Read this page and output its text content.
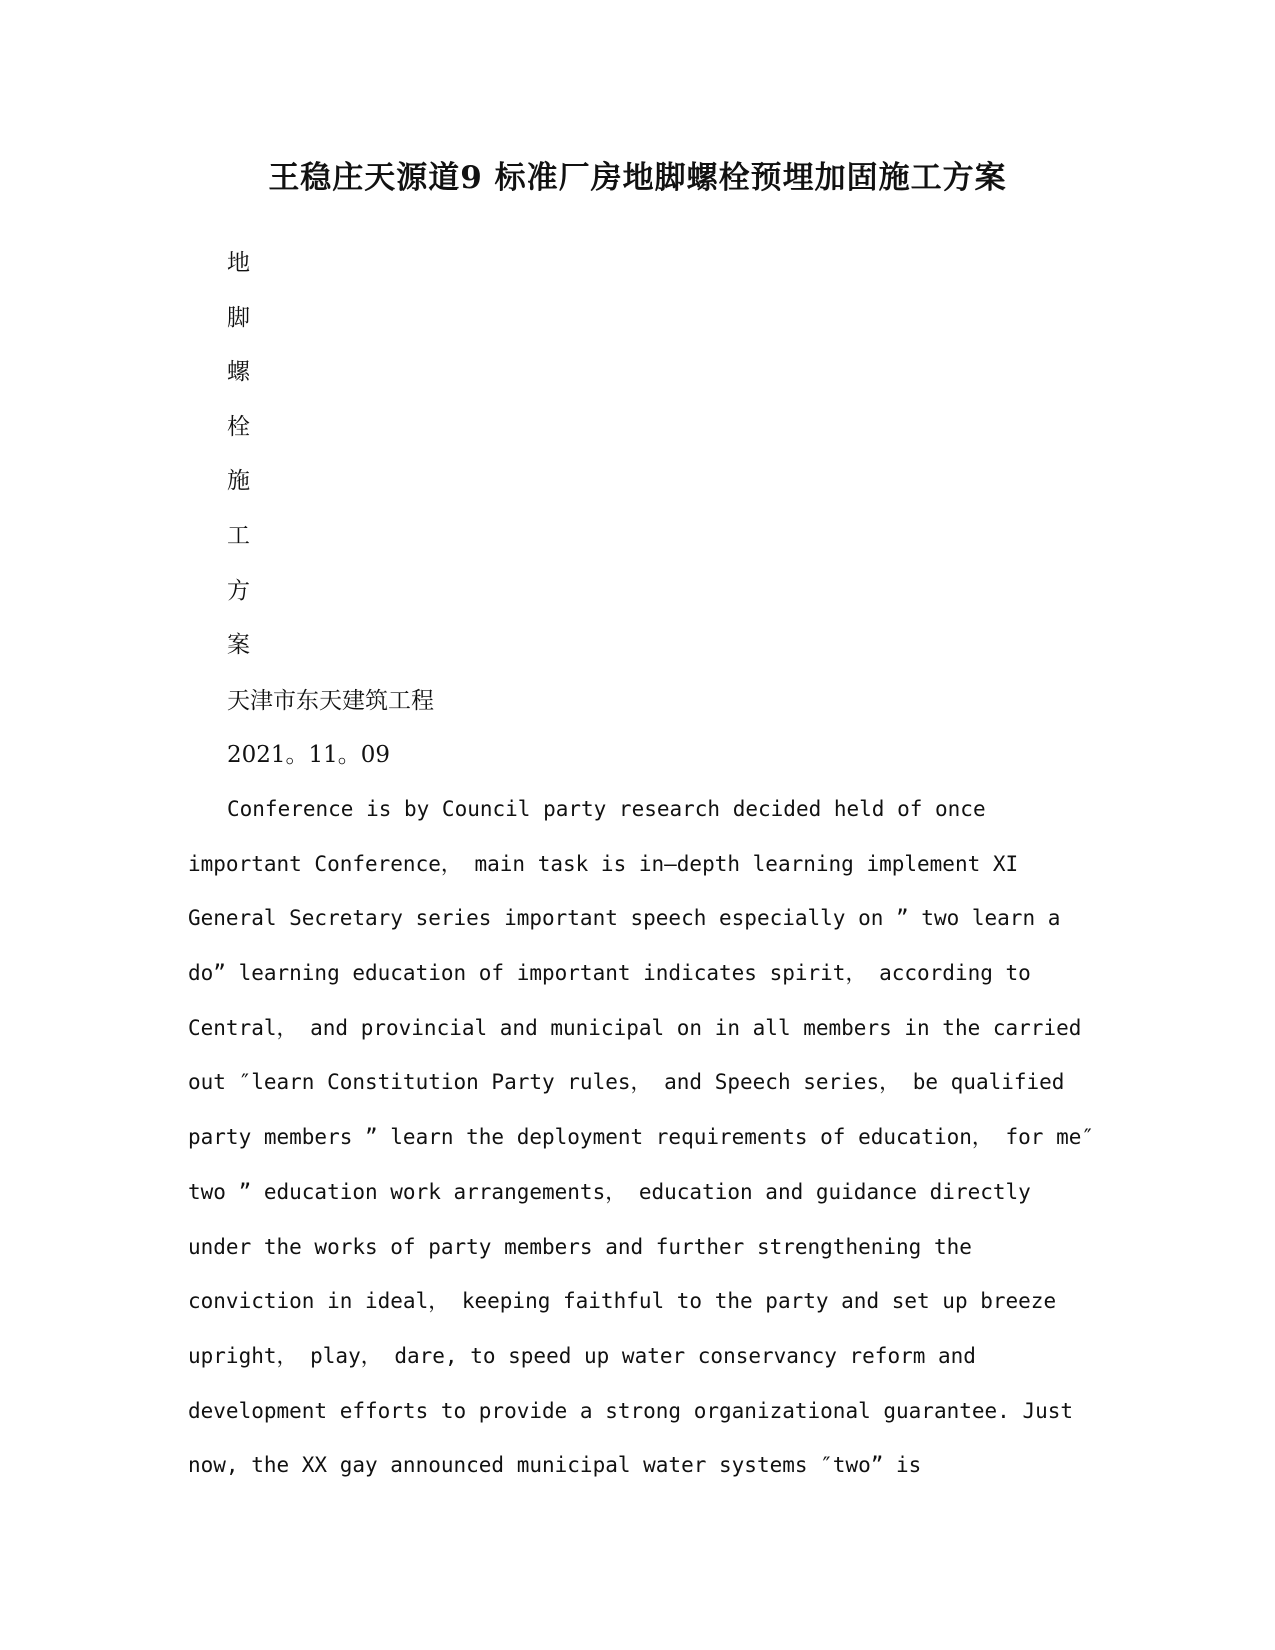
王稳庄天源道9 标准厂房地脚螺栓预埋加固施工方案
地
脚
螺
栓
施
工
方
案

天津市东天建筑工程

2021。11。09

Conference is by Council party research decided held of once
important Conference， main task is in—depth learning implement XI
General Secretary series important speech especially on ” two learn a
do” learning education of important indicates spirit， according to
Central， and provincial and municipal on in all members in the carried
out ″learn Constitution Party rules， and Speech series， be qualified
party members ” learn the deployment requirements of education， for me″
two ” education work arrangements， education and guidance directly
under the works of party members and further strengthening the
conviction in ideal， keeping faithful to the party and set up breeze
upright， play， dare, to speed up water conservancy reform and
development efforts to provide a strong organizational guarantee. Just
now, the XX gay announced municipal water systems ″two” is
